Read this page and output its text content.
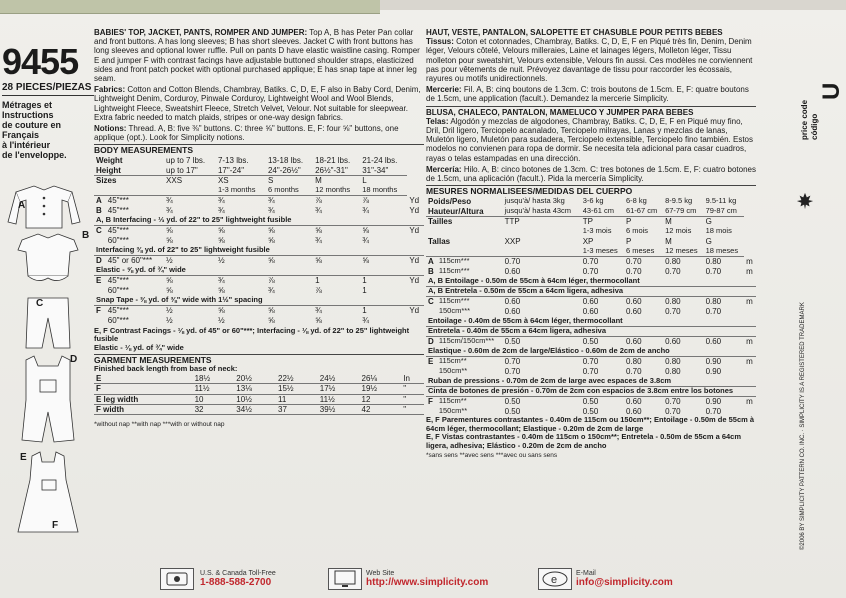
9455
28 PIECES/PIEZAS
Métrages et Instructions
de couture en Français
à l'intérieur
de l'enveloppe.
A
B
C
D
E
F

BABIES' TOP, JACKET, PANTS, ROMPER AND JUMPER: Top A, B has Peter Pan collar and front buttons. A has long sleeves; B has short sleeves. Jacket C with front buttons has long sleeves and optional lower ruffle. Pull on pants D have elastic waistline casing. Romper E and jumper F with contrast facings have adjustable buttoned shoulder straps, elasticized sides and front patch pocket with optional purchased applique; E has snap tape at inner leg seam.

Fabrics: Cotton and Cotton Blends, Chambray, Batiks. C, D, E, F also in Baby Cord, Denim, Lightweight Denim, Corduroy, Pinwale Corduroy, Lightweight Wool and Wool Blends, Lightweight Fleece, Sweatshirt Fleece, Stretch Velvet, Velour. Not suitable for sleepwear. Extra fabric needed to match plaids, stripes or one-way design fabrics.

Notions: Thread. A, B: five ⅜" buttons. C: three ⅝" buttons. E, F: four ⅝" buttons, one applique (opt.). Look for Simplicity notions.

BODY MEASUREMENTS
Weight		up to 7 lbs.	7-13 lbs.	13-18 lbs.	18-21 lbs.	21-24 lbs.	
Height		up to 17"	17"-24"	24"-26½"	26½"-31"	31"-34"	
Sizes		XXS	XS	S	M	L	
			1-3 months	6 months	12 months	18 months	
A	45"***	¾	¾	¾	⅞	⅞	Yd
B	45"***	¾	¾	¾	¾	¾	Yd
A, B Interfacing - ⅓ yd. of 22" to 25" lightweight fusible							
C	45"***	⅝	⅝	⅝	⅝	⅝	Yd
	60"***	⅝	⅝	⅝	¾	¾	
Interfacing ⅜ yd. of 22" to 25" lightweight fusible							
D	45" or 60"***	½	½	⅝	⅝	⅝	Yd
Elastic - ⅝ yd. of ¾" wide							
E	45"***	⅝	¾	⅞	1	1	Yd
	60"***	⅝	⅝	¾	⅞	1	
Snap Tape - ⅜ yd. of ⅜" wide with 1½" spacing							
F	45"***	½	⅝	⅝	¾	1	Yd
	60"***	½	½	⅝	⅝	¾	
E, F Contrast Facings - ⅛ yd. of 45" or 60"***; Interfacing - ⅛ yd. of 22" to 25" lightweight fusible
Elastic - ⅛ yd. of ¾" wide
GARMENT MEASUREMENTS
Finished back length from base of neck:
E	18½	20½	22½	24½	26⅛	In
F	11½	13⅛	15½	17½	19½	"
E leg width	10	10½	11	11½	12	"
F width	32	34½	37	39½	42	"
*without nap **with nap ***with or without nap
HAUT, VESTE, PANTALON, SALOPETTE ET CHASUBLE POUR PETITS BEBES

Tissus: Coton et cotonnades, Chambray, Batiks. C, D, E, F en Piqué très fin, Denim, Denim léger, Velours côtelé, Velours milleraies, Laine et lainages légers, Molleton léger, Tissu molleton pour sweatshirt, Velours extensible, Velours fin aussi. Ces modèles ne conviennent pas pour vêtements de nuit. Prévoyez davantage de tissu pour raccorder les écossais, rayures ou motifs unidirectionnels.

Mercerie: Fil. A, B: cinq boutons de 1.3cm. C: trois boutons de 1.5cm. E, F: quatre boutons de 1.5cm, une application (facult.). Demandez la mercerie Simplicity.

BLUSA, CHALECO, PANTALON, MAMELUCO Y JUMPER PARA BEBES

Telas: Algodón y mezclas de algodones, Chambray, Batiks. C, D, E, F en Piqué muy fino, Dril, Dril ligero, Terciopelo acanalado, Terciopelo milrayas, Lanas y mezclas de lanas, Muletón ligero, Muletón para sudadera, Terciopelo extensible, Terciopelo fino también. Estos modelos no convienen para ropa de dormir. Se necesita tela adicional para casar cuadros, rayas o telas estampadas en una dirección.

Mercería: Hilo. A, B: cinco botones de 1.3cm. C: tres botones de 1.5cm. E, F: cuatro botones de 1.5cm, una aplicación (facult.). Pida la mercería Simplicity.

MESURES NORMALISEES/MEDIDAS DEL CUERPO
Poids/Peso		jusqu'à/ hasta 3kg	3-6 kg	6-8 kg	8-9.5 kg	9.5-11 kg	
Hauteur/Altura		jusqu'à/ hasta 43cm	43-61 cm	61-67 cm	67-79 cm	79-87 cm	
Tailles		TTP	TP	P	M	G	
			1-3 mois	6 mois	12 mois	18 mois	
Tallas		XXP	XP	P	M	G	
			1-3 meses	6 meses	12 meses	18 meses	
A	115cm***	0.70	0.70	0.70	0.80	0.80	m
B	115cm***	0.60	0.70	0.70	0.70	0.70	m
A, B Entoilage - 0.50m de 55cm à 64cm léger, thermocollant							
A, B Entretela - 0.50m de 55cm a 64cm ligera, adhesiva							
C	115cm***	0.60	0.60	0.60	0.80	0.80	m
	150cm***	0.60	0.60	0.60	0.70	0.70	
Entoilage - 0.40m de 55cm à 64cm léger, thermocollant							
Entretela - 0.40m de 55cm a 64cm ligera, adhesiva							
D	115cm/150cm***	0.50	0.50	0.60	0.60	0.60	m
Elastique - 0.60m de 2cm de large/Elástico - 0.60m de 2cm de ancho							
E	115cm**	0.70	0.70	0.80	0.80	0.90	m
	150cm**	0.70	0.70	0.70	0.80	0.90	
Ruban de pressions - 0.70m de 2cm de large avec espaces de 3.8cm							
Cinta de botones de presión - 0.70m de 2cm con espacios de 3.8cm entre los botones							
F	115cm**	0.50	0.50	0.60	0.70	0.90	m
	150cm**	0.50	0.50	0.60	0.70	0.70	
E, F Parementures contrastantes - 0.40m de 115cm ou 150cm**; Entoilage - 0.50m de 55cm à 64cm léger, thermocollant; Elastique - 0.20m de 2cm de large
E, F Vistas contrastantes - 0.40m de 115cm o 150cm**; Entretela - 0.50m de 55cm a 64cm ligera, adhesiva; Elástico - 0.20m de 2cm de ancho
*sans sens **avec sens ***avec ou sans sens
price code código
U
©2006 BY SIMPLICITY PATTERN CO. INC. · SIMPLICITY IS A REGISTERED TRADEMARK
U.S. & Canada Toll-Free
1-888-588-2700
Web Site
http://www.simplicity.com	e
E-Mail
info@simplicity.com
